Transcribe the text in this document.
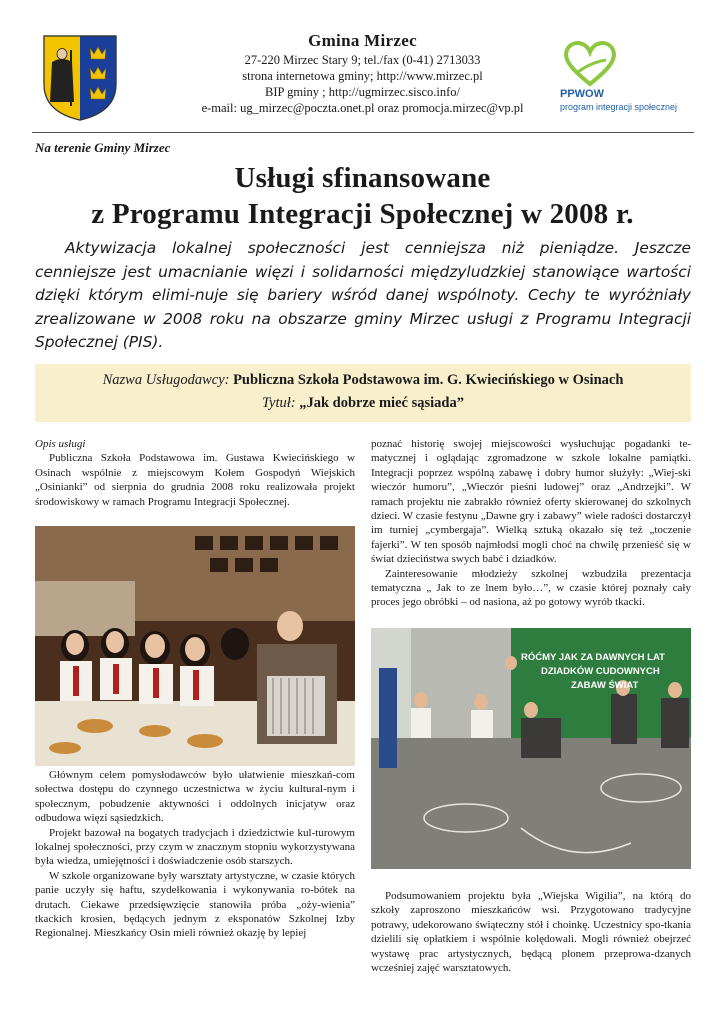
Gmina Mirzec
27-220 Mirzec Stary 9; tel./fax (0-41) 2713033
strona internetowa gminy; http://www.mirzec.pl
BIP gminy ; http://ugmirzec.sisco.info/
e-mail: ug_mirzec@poczta.onet.pl oraz promocja.mirzec@vp.pl
PPWOW
program integracji społecznej
Na terenie Gminy Mirzec
Usługi sfinansowane
z Programu Integracji Społecznej w 2008 r.

Aktywizacja lokalnej społeczności jest cenniejsza niż pieniądze. Jeszcze cenniejsze jest umacnianie więzi i solidarności międzyludzkiej stanowiące wartości dzięki którym elimi-nuje się bariery wśród danej wspólnoty. Cechy te wyróżniały zrealizowane w 2008 roku na obszarze gminy Mirzec usługi z Programu Integracji Społecznej (PIS).

Nazwa Usługodawcy: Publiczna Szkoła Podstawowa im. G. Kwiecińskiego w Osinach
Tytuł: „Jak dobrze mieć sąsiada”

Opis usługi

Publiczna Szkoła Podstawowa im. Gustawa Kwiecińskiego w Osinach wspólnie z miejscowym Kołem Gospodyń Wiejskich „Osinianki” od sierpnia do grudnia 2008 roku realizowała projekt środowiskowy w ramach Programu Integracji Społecznej.

Głównym celem pomysłodawców było ułatwienie mieszkań-com sołectwa dostępu do czynnego uczestnictwa w życiu kultural-nym i społecznym, pobudzenie aktywności i oddolnych inicjatyw oraz odbudowa więzi sąsiedzkich.

Projekt bazował na bogatych tradycjach i dziedzictwie kul-turowym lokalnej społeczności, przy czym w znacznym stopniu wykorzystywana była wiedza, umiejętności i doświadczenie osób starszych.

W szkole organizowane były warsztaty artystyczne, w czasie których panie uczyły się haftu, szydełkowania i wykonywania ro-bótek na drutach. Ciekawe przedsięwzięcie stanowiła próba „oży-wienia” tkackich krosien, będących jednym z eksponatów Szkolnej Izby Regionalnej. Mieszkańcy Osin mieli również okazję by lepiej

poznać historię swojej miejscowości wysłuchując pogadanki te-matycznej i oglądając zgromadzone w szkole lokalne pamiątki. Integracji poprzez wspólną zabawę i dobry humor służyły: „Wiej-ski wieczór humoru”, „Wieczór pieśni ludowej” oraz „Andrzejki”. W ramach projektu nie zabrakło również oferty skierowanej do szkolnych dzieci. W czasie festynu „Dawne gry i zabawy” wiele radości dostarczył im turniej „cymbergaja”. Wielką sztuką okazało się też „toczenie fajerki”. W ten sposób najmłodsi mogli choć na chwilę przenieść się w świat dzieciństwa swych babć i dziadków.

Zainteresowanie młodzieży szkolnej wzbudziła prezentacja tematyczna „ Jak to ze lnem było…”, w czasie której poznały cały proces jego obróbki – od nasiona, aż po gotowy wyrób tkacki.

RÓĆMY JAK ZA DAWNYCH LAT
DZIADKÓW CUDOWNYCH
ZABAW ŚWIAT

Podsumowaniem projektu była „Wiejska Wigilia”, na którą do szkoły zaproszono mieszkańców wsi. Przygotowano tradycyjne potrawy, udekorowano świąteczny stół i choinkę. Uczestnicy spo-tkania dzielili się opłatkiem i wspólnie kolędowali. Mogli również obejrzeć wystawę prac artystycznych, będącą plonem przeprowa-dzanych wcześniej zajęć warsztatowych.
